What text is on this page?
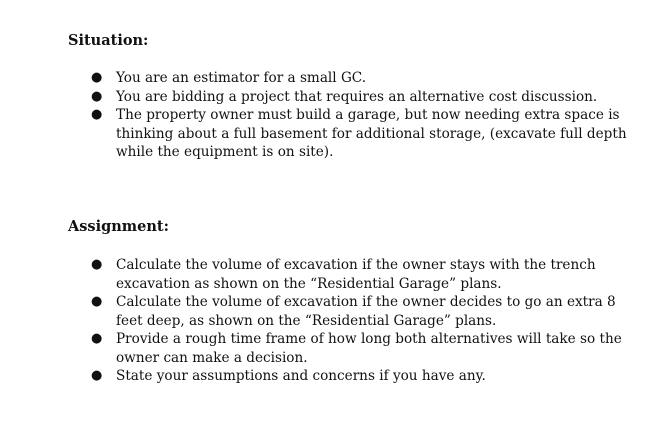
Situation:
● You are an estimator for a small GC.
● You are bidding a project that requires an alternative cost discussion.
● The property owner must build a garage, but now needing extra space is thinking about a full basement for additional storage, (excavate full depth while the equipment is on site).
Assignment:
● Calculate the volume of excavation if the owner stays with the trench excavation as shown on the “Residential Garage” plans.
● Calculate the volume of excavation if the owner decides to go an extra 8 feet deep, as shown on the “Residential Garage” plans.
● Provide a rough time frame of how long both alternatives will take so the owner can make a decision.
● State your assumptions and concerns if you have any.
